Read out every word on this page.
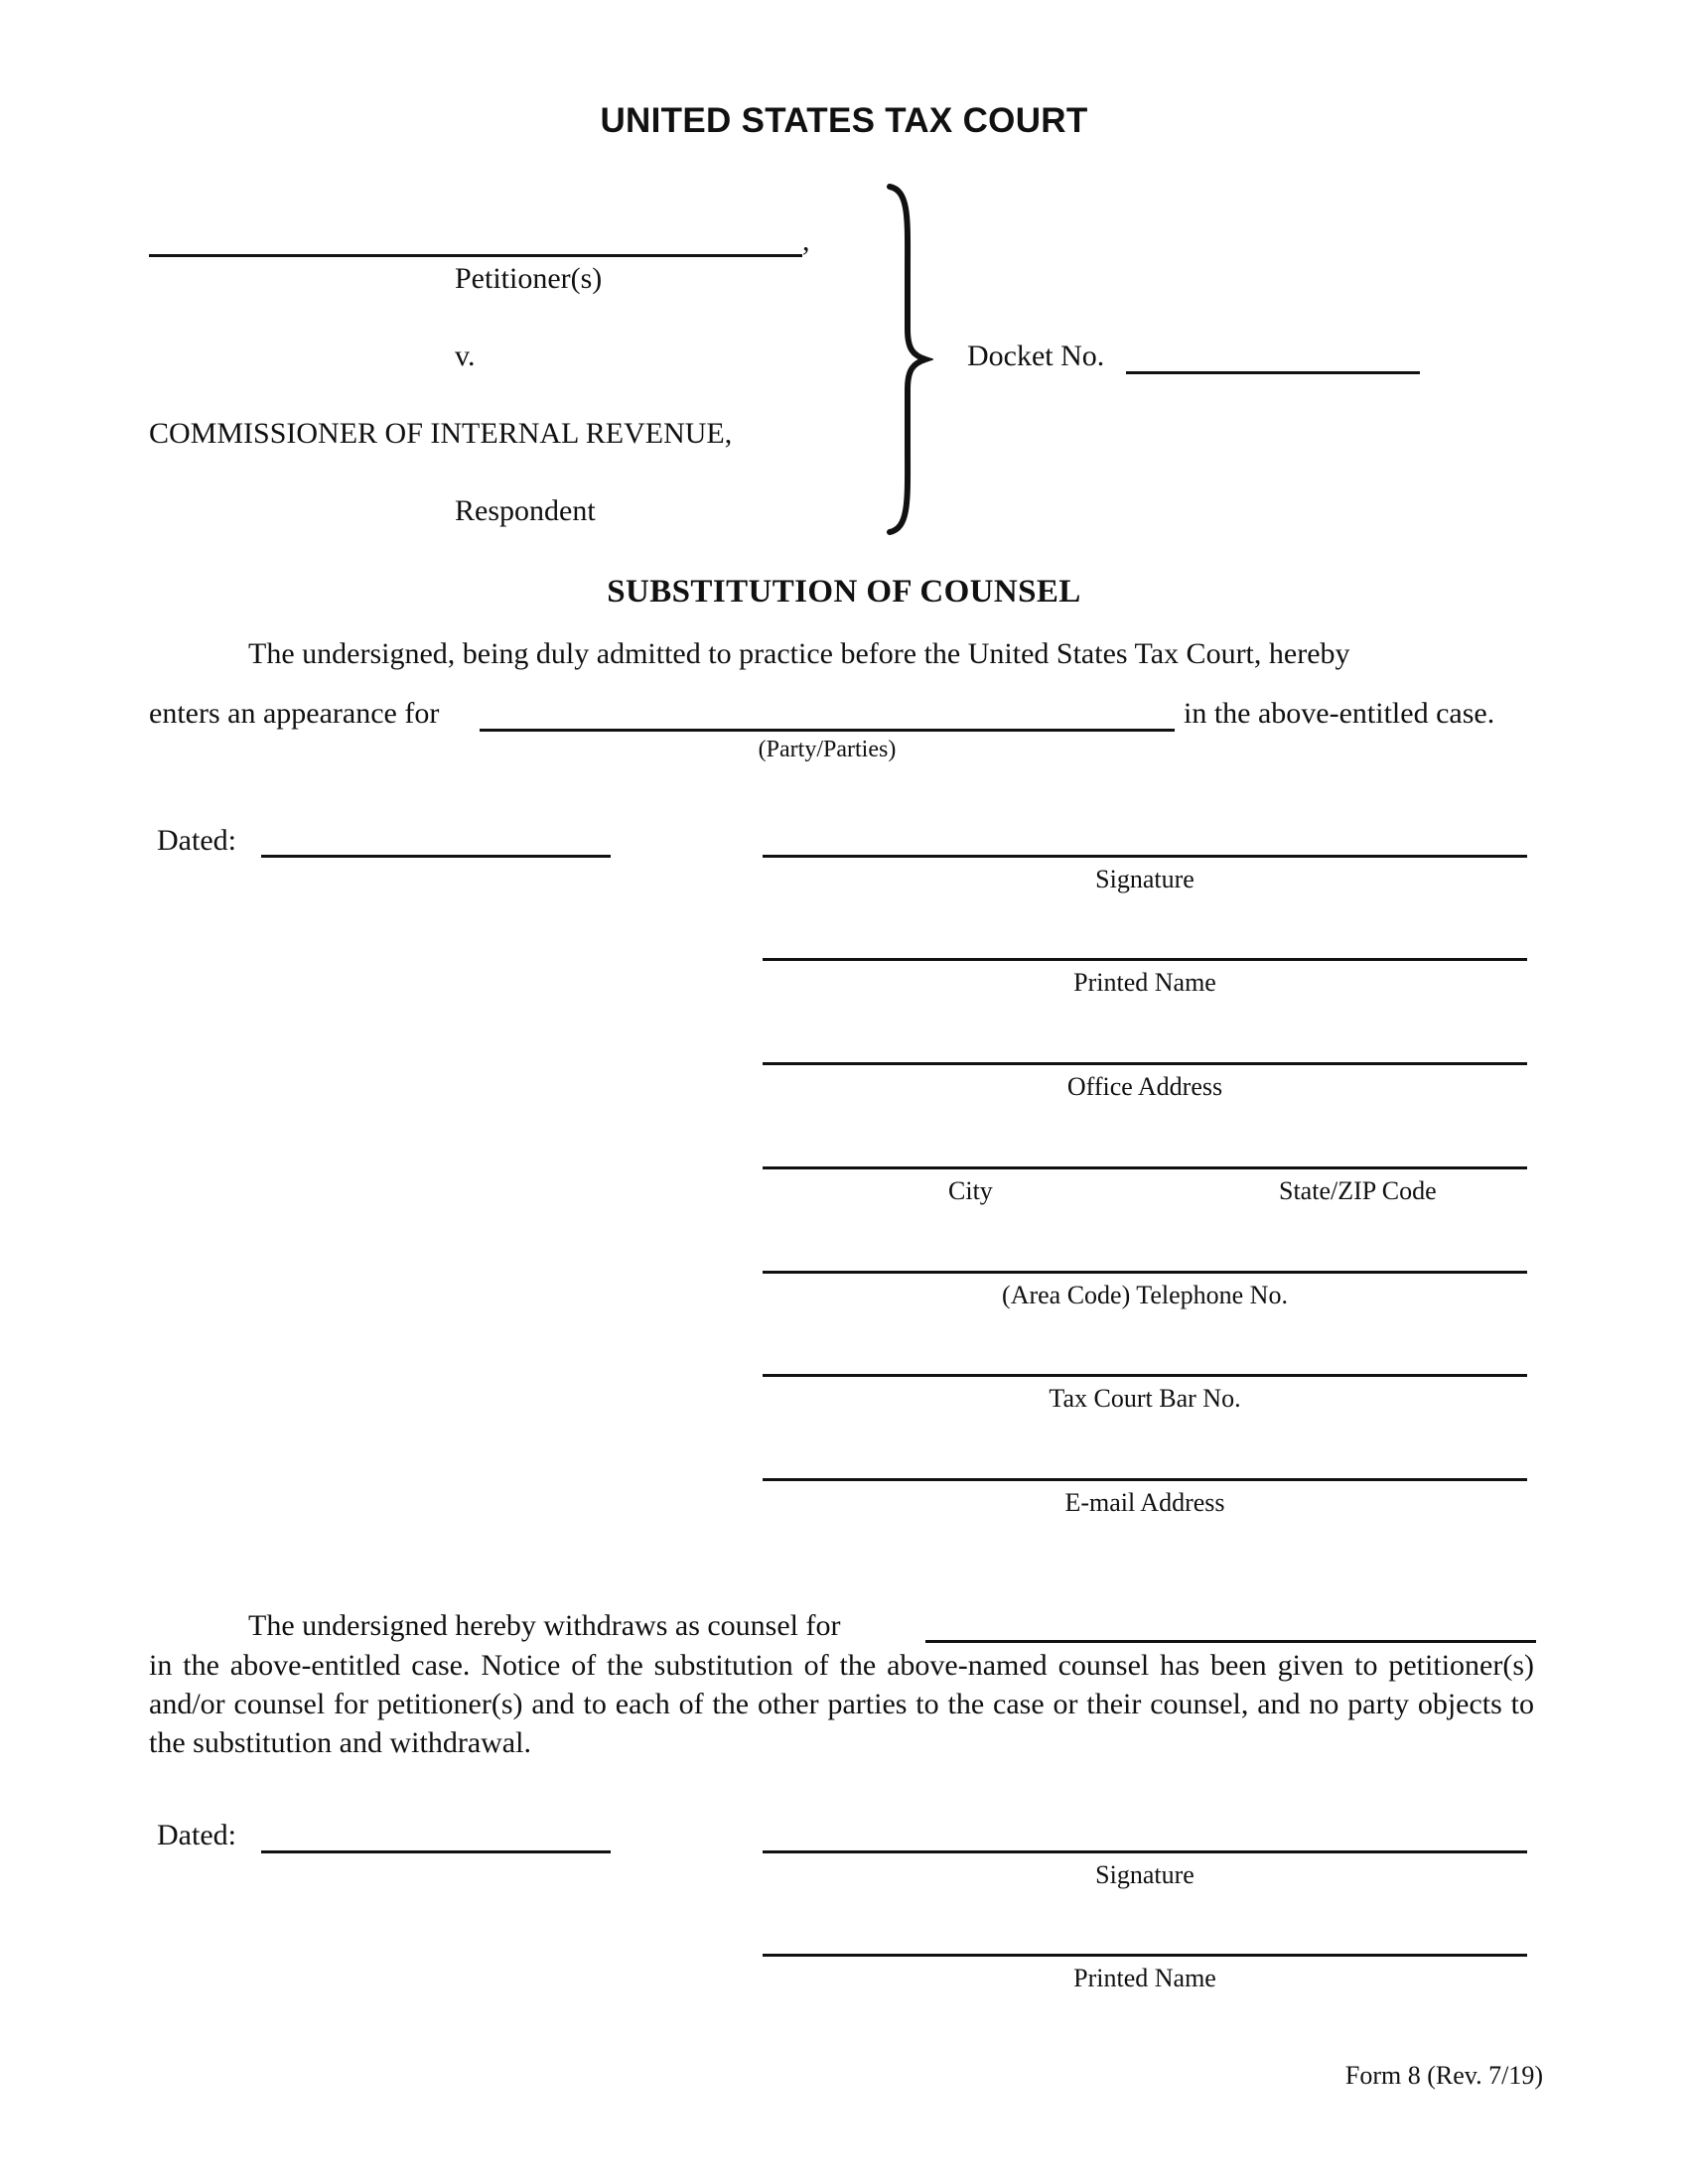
UNITED STATES TAX COURT
,
Petitioner(s)
v.
COMMISSIONER OF INTERNAL REVENUE,
Respondent
Docket No.
SUBSTITUTION OF COUNSEL
The undersigned, being duly admitted to practice before the United States Tax Court, hereby
enters an appearance for	in the above-entitled case.
(Party/Parties)
Dated:
Signature
Printed Name
Office Address
City	State/ZIP Code
(Area Code) Telephone No.
Tax Court Bar No.
E-mail Address
The undersigned hereby withdraws as counsel for
in the above-entitled case. Notice of the substitution of the above-named counsel has been given to petitioner(s) and/or counsel for petitioner(s) and to each of the other parties to the case or their counsel, and no party objects to the substitution and withdrawal.
Dated:
Signature
Printed Name
Form 8 (Rev. 7/19)
